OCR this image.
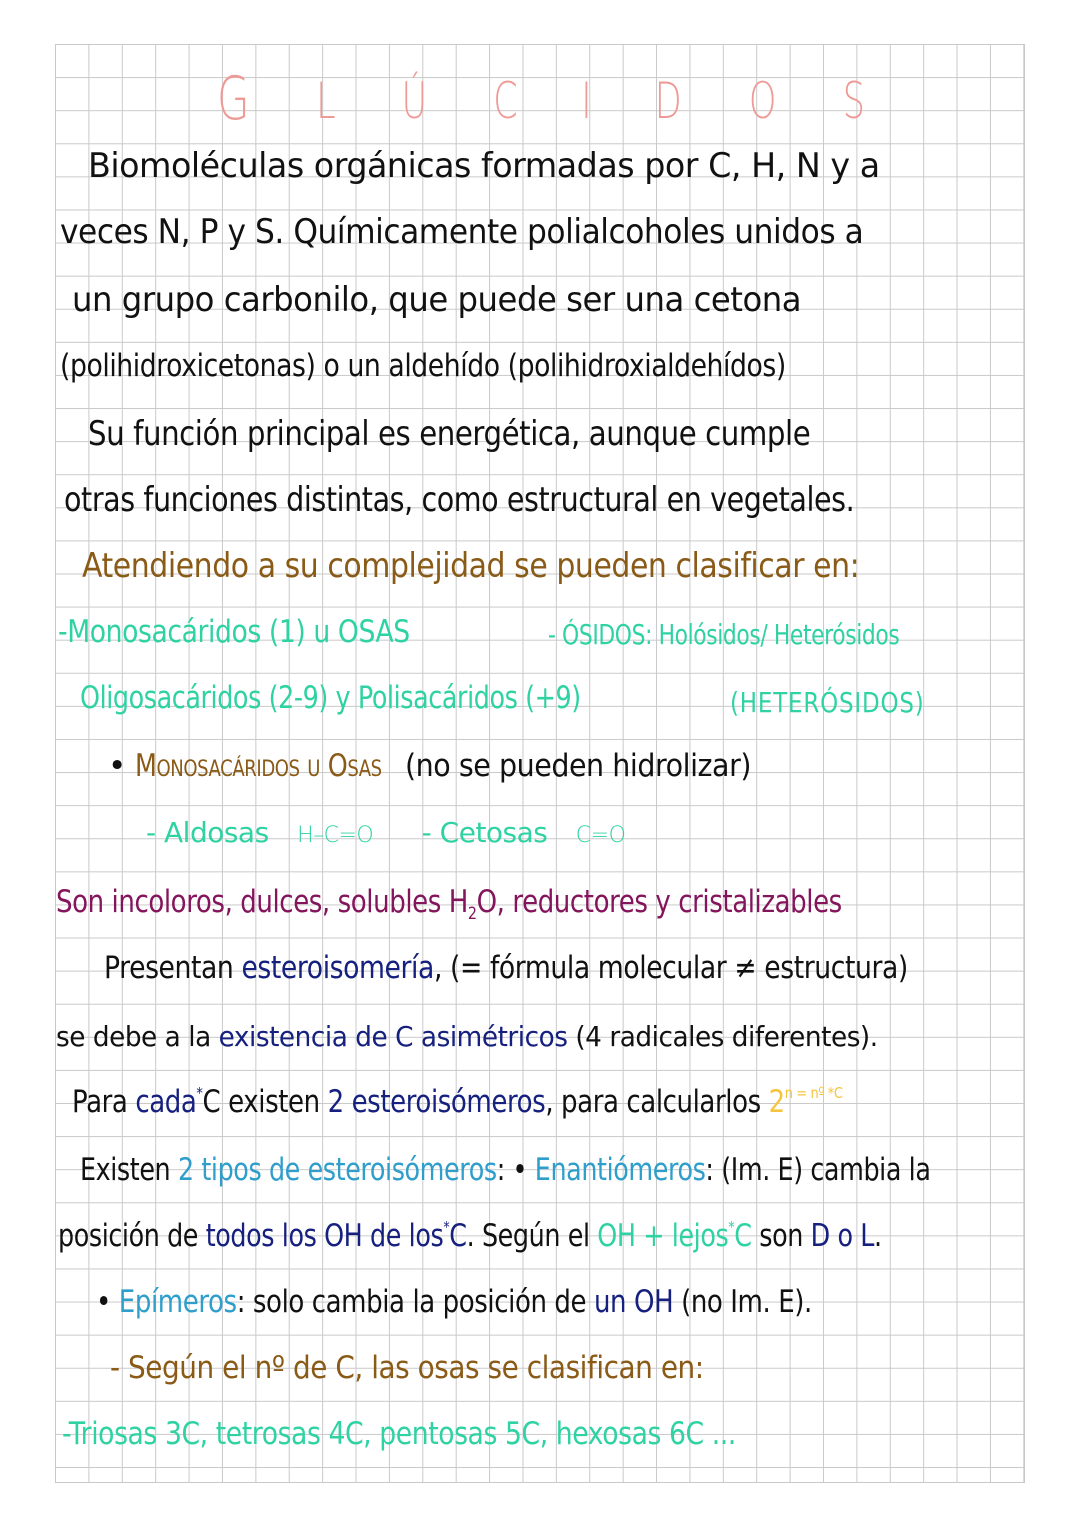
G L Ú C I D O S
Biomoléculas orgánicas formadas por C, H, N y a
veces N, P y S. Químicamente polialcoholes unidos a
un grupo carbonilo, que puede ser una cetona
(polihidroxicetonas) o un aldehído (polihidroxialdehídos)
Su función principal es energética, aunque cumple
otras funciones distintas, como estructural en vegetales.
Atendiendo a su complejidad se pueden clasificar en:
-Monosacáridos (1) u OSAS	- ÓSIDOS: Holósidos/ Heterósidos
Oligosacáridos (2-9) y Polisacáridos (+9)	(HETERÓSIDOS)
• Monosacáridos u Osas (no se pueden hidrolizar)
- Aldosas H–C=O - Cetosas C=O
Son incoloros, dulces, solubles $H_2O$, reductores y cristalizables
Presentan esteroisomería, (= fórmula molecular ≠ estructura)
se debe a la existencia de C asimétricos (4 radicales diferentes).
Para cada*C existen 2 esteroisómeros, para calcularlos $2^{n = nº *C}$
Existen 2 tipos de esteroisómeros: • Enantiómeros: (Im. E) cambia la
posición de todos los OH de los*C. Según el OH + lejos*C son D o L.
• Epímeros: solo cambia la posición de un OH (no Im. E).
- Según el nº de C, las osas se clasifican en:
-Triosas 3C, tetrosas 4C, pentosas 5C, hexosas 6C ...
